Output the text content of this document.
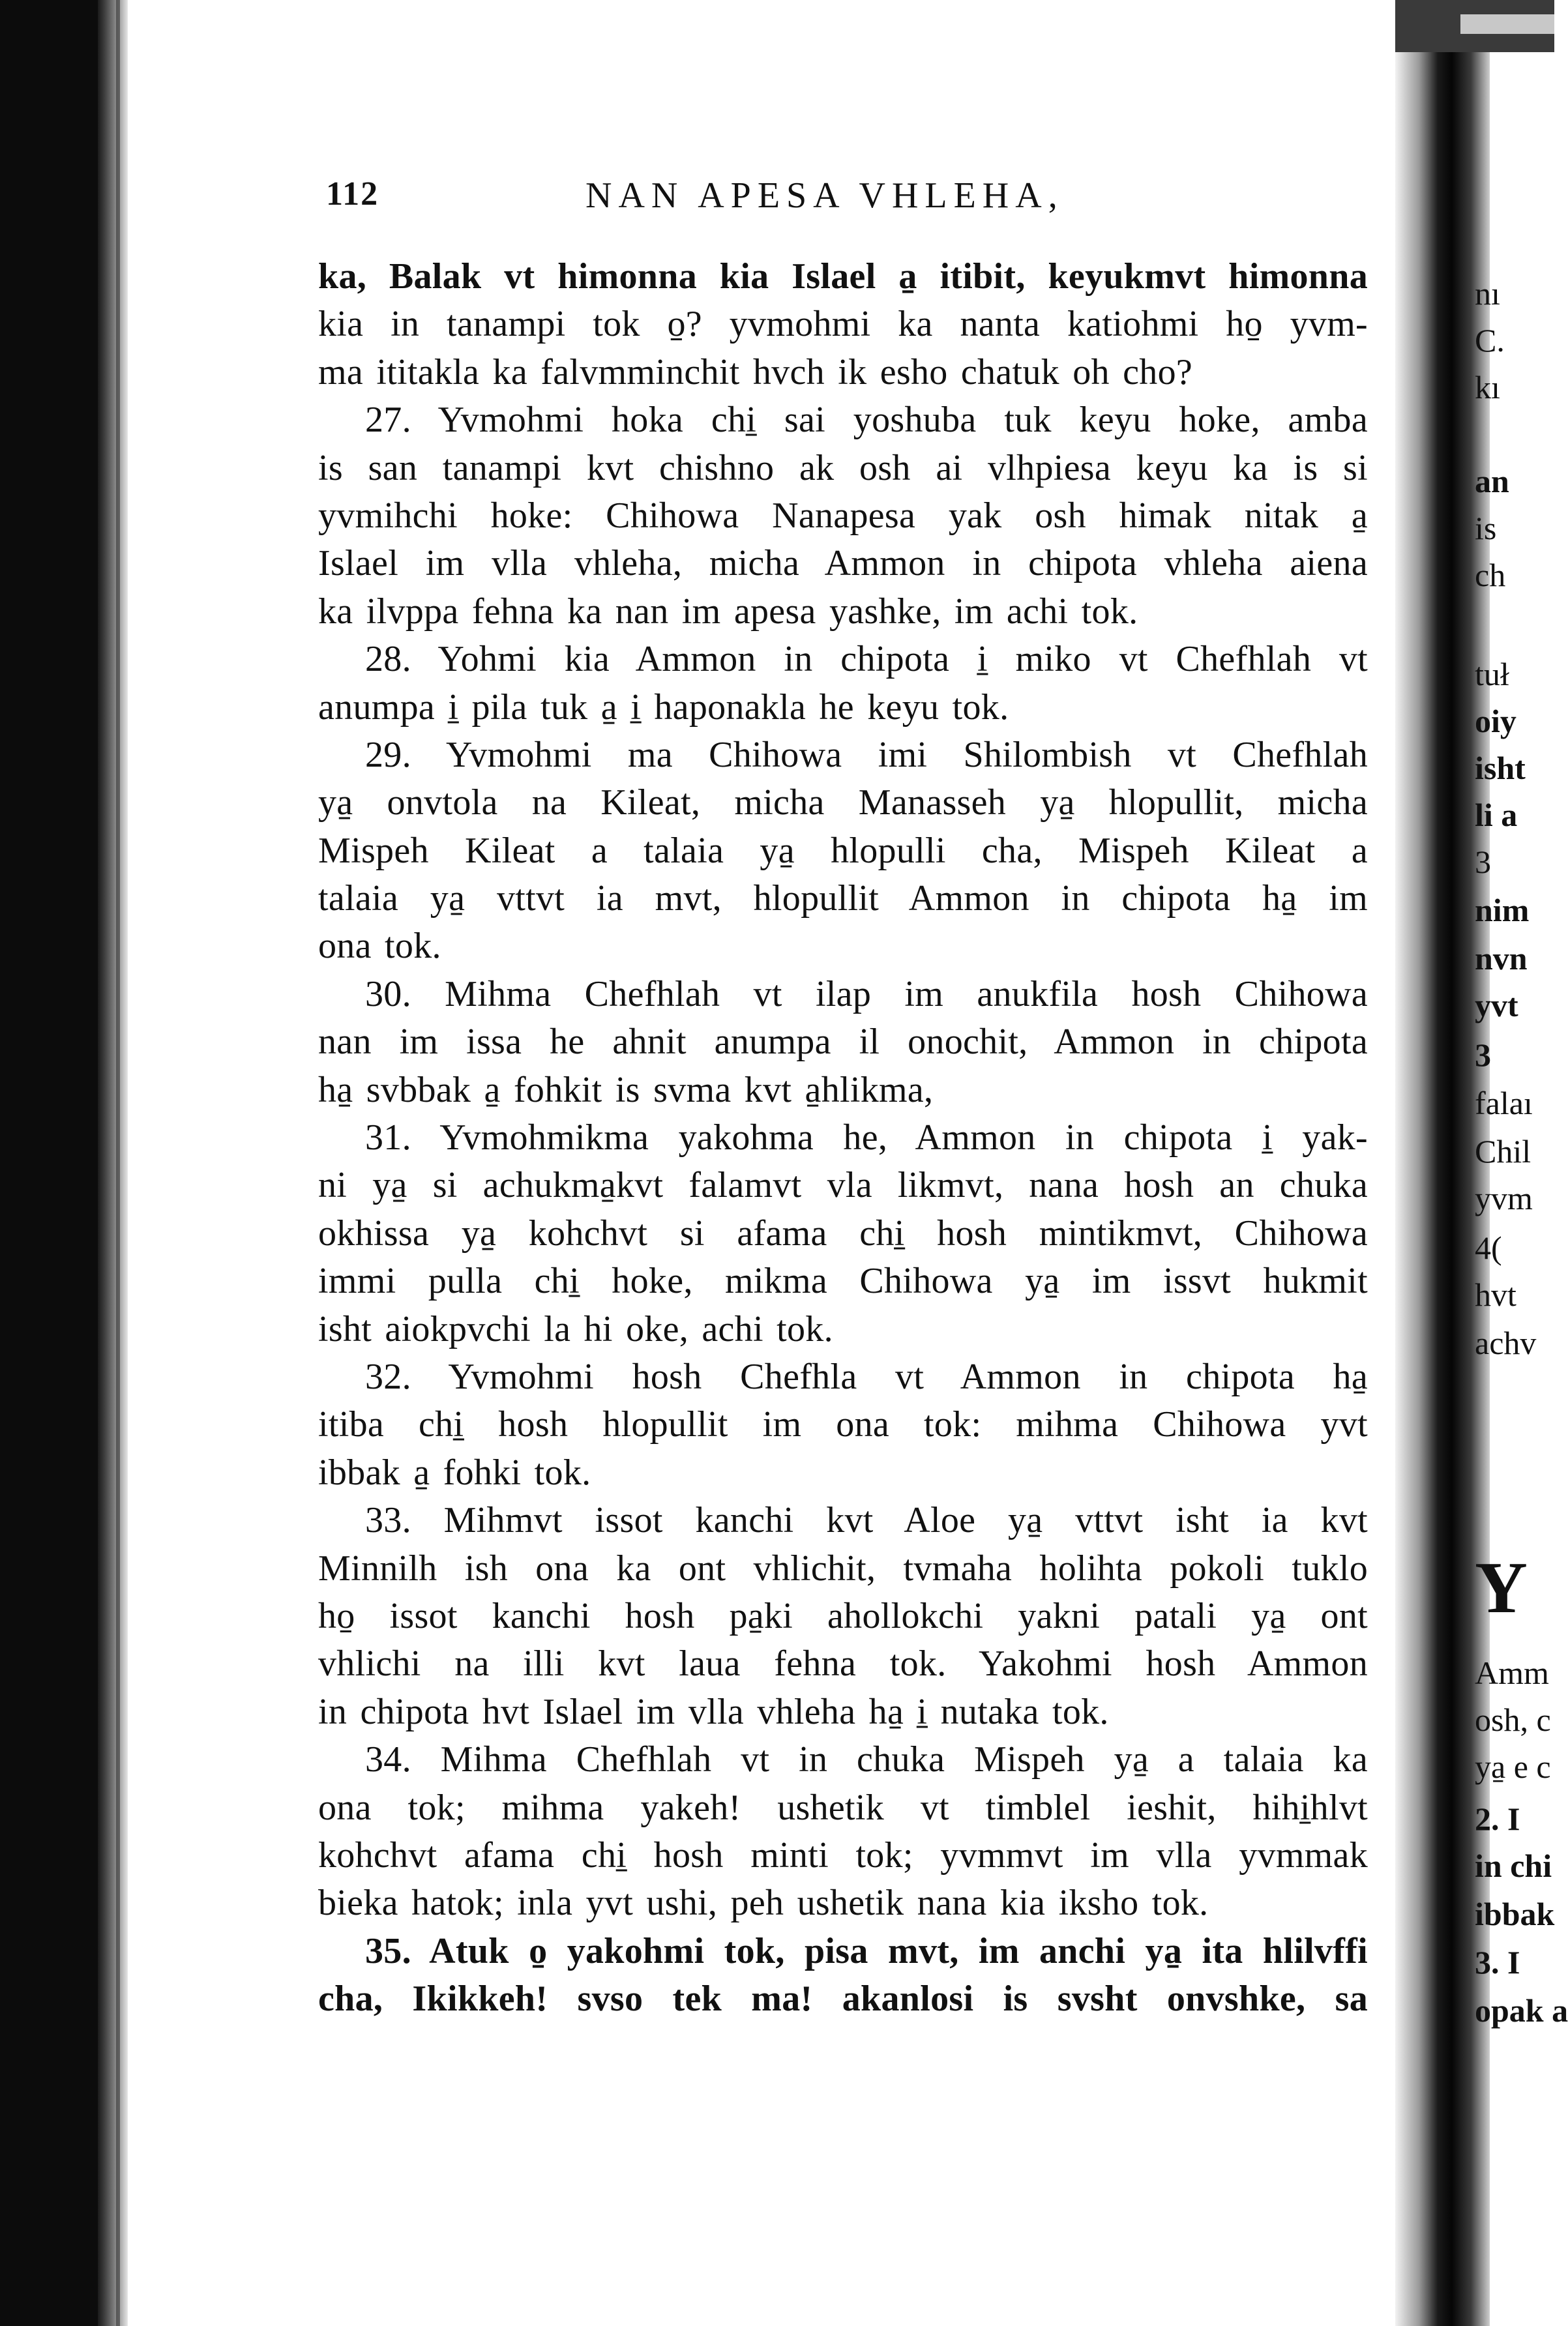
112	NAN APESA VHLEHA,
ka, Balak vt himonna kia Islael a̱ itibit, keyukmvt himonna
kia in tanampi tok o̱? yvmohmi ka nanta katiohmi ho̱ yvm-
ma ititakla ka falvmminchit hvch ik esho chatuk oh cho?
27. Yvmohmi hoka chi̱ sai yoshuba tuk keyu hoke, amba
is san tanampi kvt chishno ak osh ai vlhpiesa keyu ka is si
yvmihchi hoke: Chihowa Nanapesa yak osh himak nitak a̱
Islael im vlla vhleha, micha Ammon in chipota vhleha aiena
ka ilvppa fehna ka nan im apesa yashke, im achi tok.
28. Yohmi kia Ammon in chipota i̱ miko vt Chefhlah vt
anumpa i̱ pila tuk a̱ i̱ haponakla he keyu tok.
29. Yvmohmi ma Chihowa imi Shilombish vt Chefhlah
ya̱ onvtola na Kileat, micha Manasseh ya̱ hlopullit, micha
Mispeh Kileat a talaia ya̱ hlopulli cha, Mispeh Kileat a
talaia ya̱ vttvt ia mvt, hlopullit Ammon in chipota ha̱ im
ona tok.
30. Mihma Chefhlah vt ilap im anukfila hosh Chihowa
nan im issa he ahnit anumpa il onochit, Ammon in chipota
ha̱ svbbak a̱ fohkit is svma kvt a̱hlikma,
31. Yvmohmikma yakohma he, Ammon in chipota i̱ yak-
ni ya̱ si achukma̱kvt falamvt vla likmvt, nana hosh an chuka
okhissa ya̱ kohchvt si afama chi̱ hosh mintikmvt, Chihowa
immi pulla chi̱ hoke, mikma Chihowa ya̱ im issvt hukmit
isht aiokpvchi la hi oke, achi tok.
32. Yvmohmi hosh Chefhla vt Ammon in chipota ha̱
itiba chi̱ hosh hlopullit im ona tok: mihma Chihowa yvt
ibbak a̱ fohki tok.
33. Mihmvt issot kanchi kvt Aloe ya̱ vttvt isht ia kvt
Minnilh ish ona ka ont vhlichit, tvmaha holihta pokoli tuklo
ho̱ issot kanchi hosh pa̱ki ahollokchi yakni patali ya̱ ont
vhlichi na illi kvt laua fehna tok. Yakohmi hosh Ammon
in chipota hvt Islael im vlla vhleha ha̱ i̱ nutaka tok.
34. Mihma Chefhlah vt in chuka Mispeh ya̱ a talaia ka
ona tok; mihma yakeh! ushetik vt timblel ieshit, hihi̱hlvt
kohchvt afama chi̱ hosh minti tok; yvmmvt im vlla yvmmak
bieka hatok; inla yvt ushi, peh ushetik nana kia iksho tok.
35. Atuk o̱ yakohmi tok, pisa mvt, im anchi ya̱ ita hlilvffi
cha, Ikikkeh! svso tek ma! akanlosi is svsht onvshke, sa
nı
C.
kı
an
is
ch
tuł
oiy
isht
li a
3
nim
nvn
yvt
3
falaı
Chil
yvm
4(
hvt
achv
Y
Amm
osh, c
ya̱ e c
2. I
in chi
ibbak
3. I
opak a
